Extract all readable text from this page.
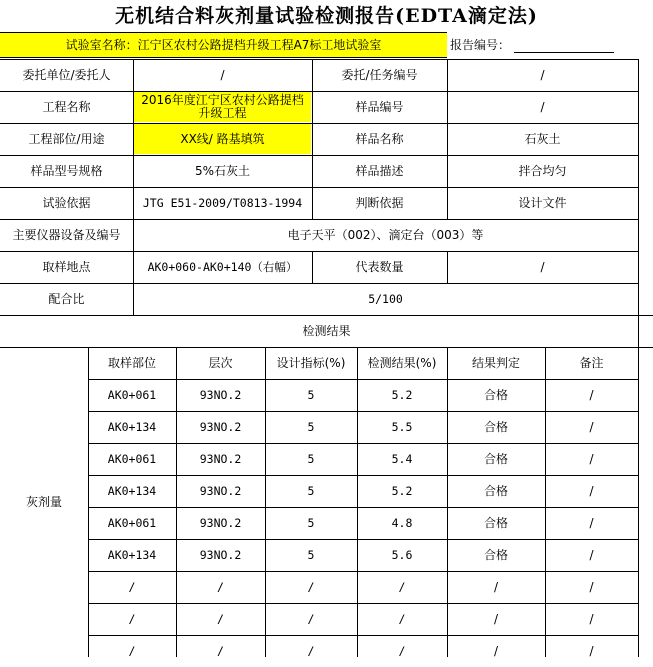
无机结合料灰剂量试验检测报告(EDTA滴定法)
试验室名称：江宁区农村公路提档升级工程A7标工地试验室	报告编号：
委托单位/委托人	/	委托/任务编号	/
工程名称	2016年度江宁区农村公路提档升级工程	样品编号	/
工程部位/用途	XX线/ 路基填筑	样品名称	石灰土
样品型号规格	5%石灰土	样品描述	拌合均匀
试验依据	JTG E51-2009/T0813-1994	判断依据	设计文件
主要仪器设备及编号	电子天平（002）、滴定台（003）等
取样地点	AK0+060-AK0+140（右幅）	代表数量	/
配合比	5/100
检测结果
灰剂量
取样部位	层次	设计指标(%)	检测结果(%)	结果判定	备注
AK0+061	93NO.2	5	5.2	合格	/
AK0+134	93NO.2	5	5.5	合格	/
AK0+061	93NO.2	5	5.4	合格	/
AK0+134	93NO.2	5	5.2	合格	/
AK0+061	93NO.2	5	4.8	合格	/
AK0+134	93NO.2	5	5.6	合格	/
/	/	/	/	/	/
/	/	/	/	/	/
/	/	/	/	/	/
